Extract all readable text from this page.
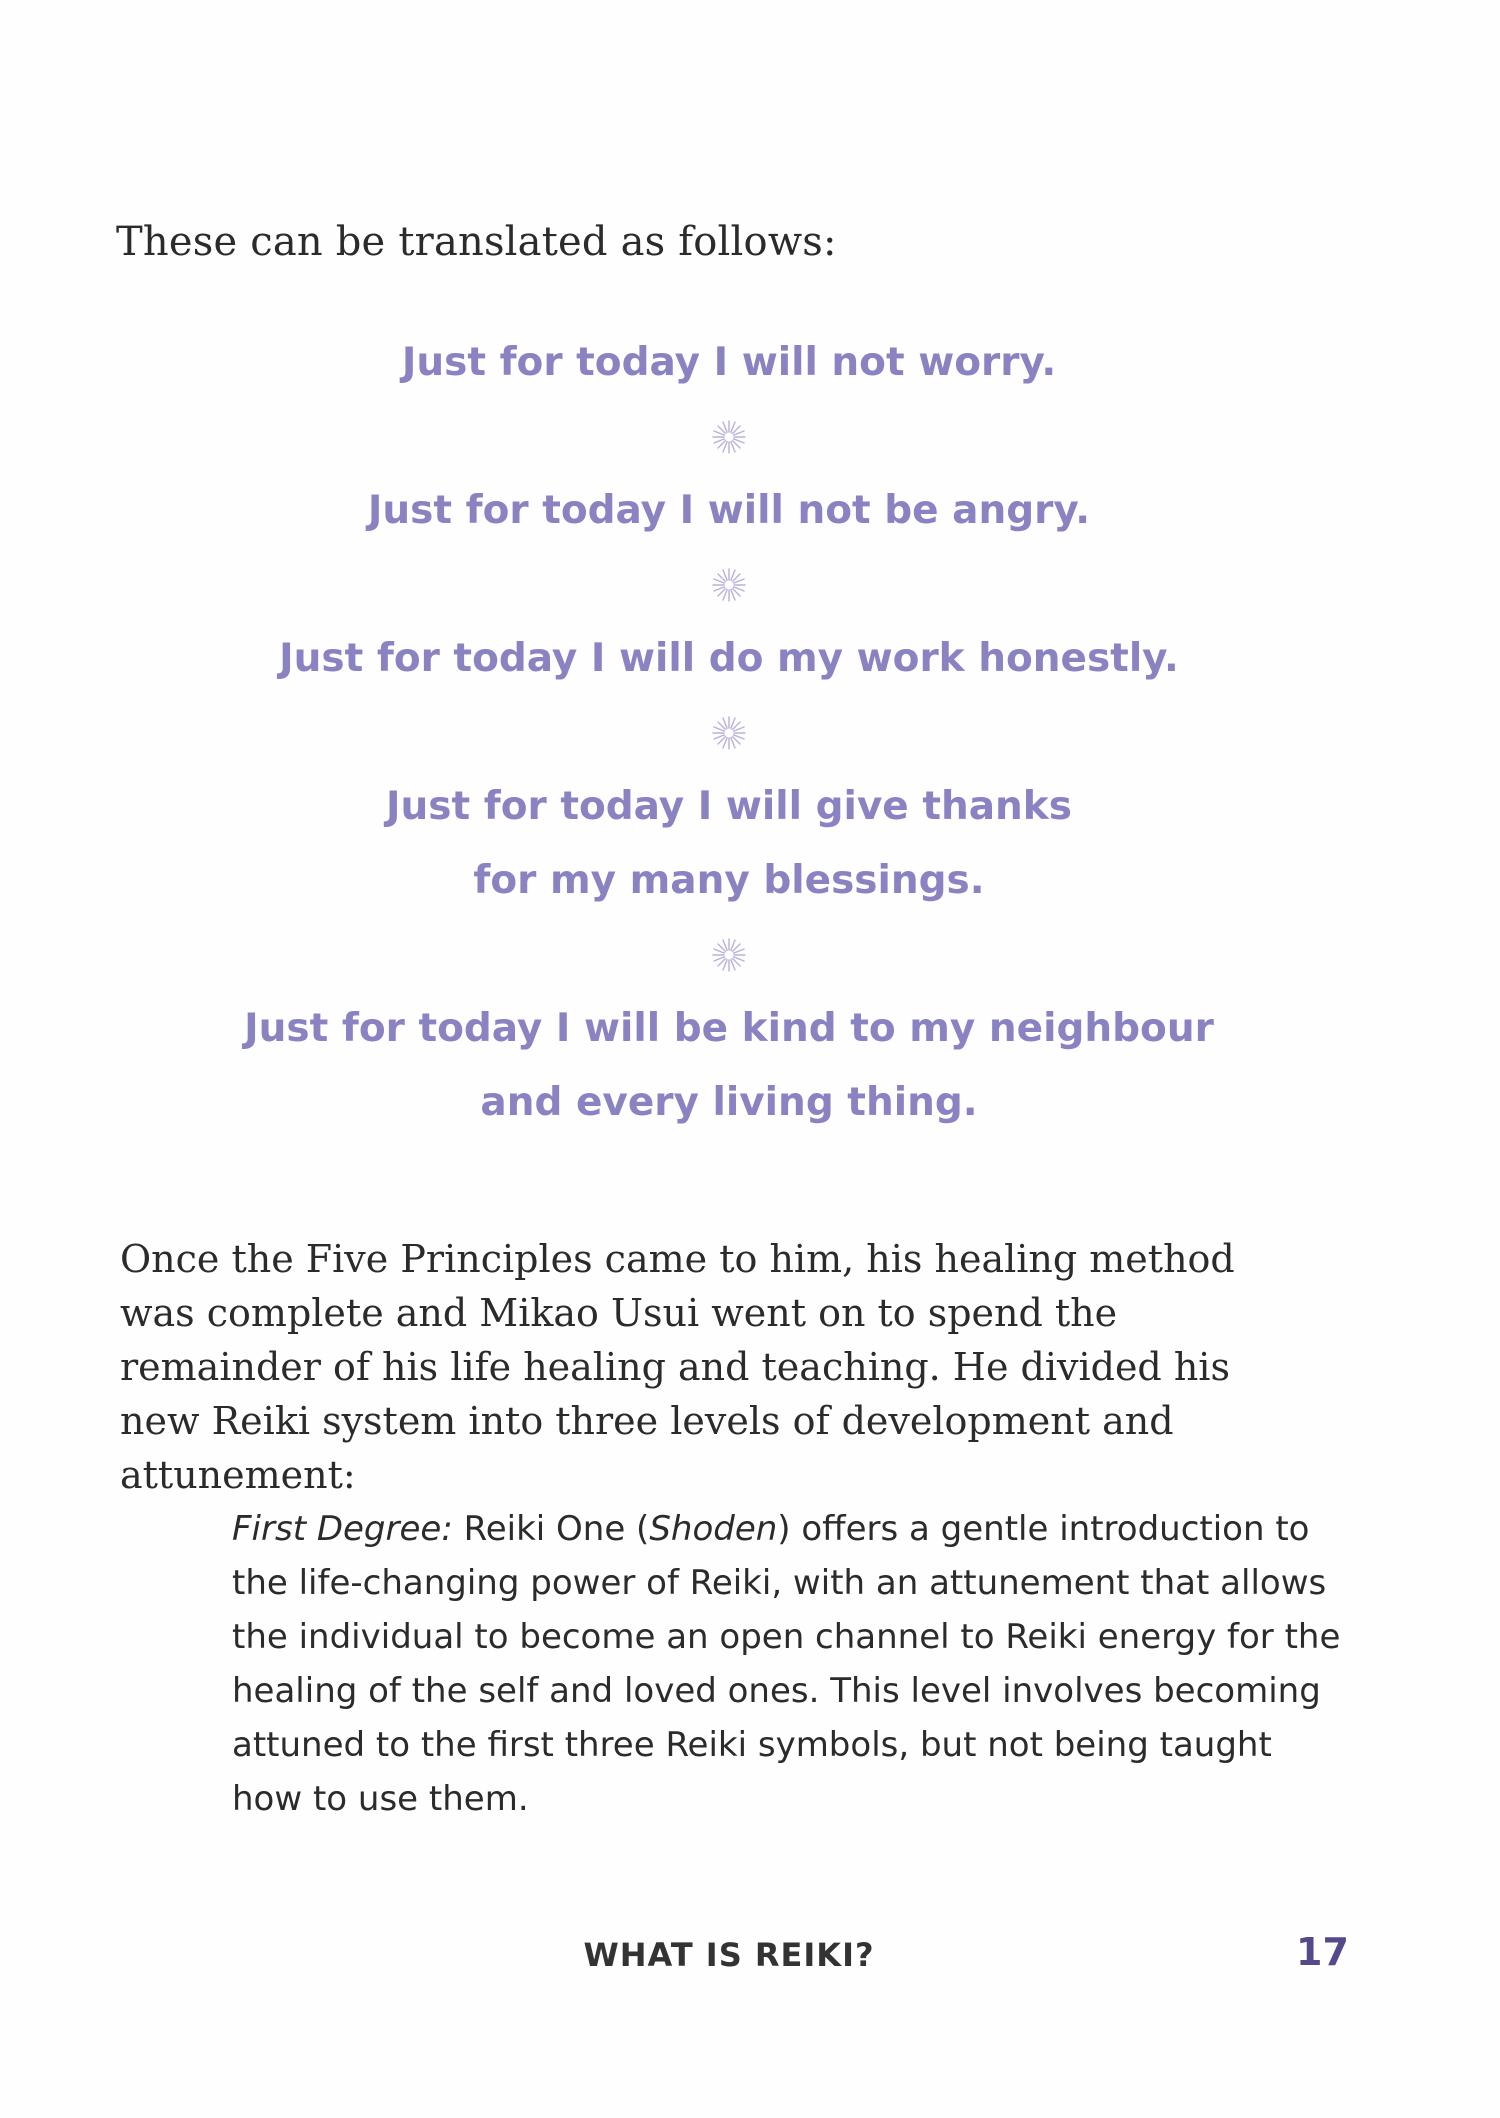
These can be translated as follows:

Just for today I will not worry.

Just for today I will not be angry.

Just for today I will do my work honestly.

Just for today I will give thanks

for my many blessings.

Just for today I will be kind to my neighbour

and every living thing.

Once the Five Principles came to him, his healing method was complete and Mikao Usui went on to spend the remainder of his life healing and teaching. He divided his new Reiki system into three levels of development and attunement:

First Degree: Reiki One (Shoden) offers a gentle introduction to the life-changing power of Reiki, with an attunement that allows the individual to become an open channel to Reiki energy for the healing of the self and loved ones. This level involves becoming attuned to the first three Reiki symbols, but not being taught how to use them.

WHAT IS REIKI?	17
